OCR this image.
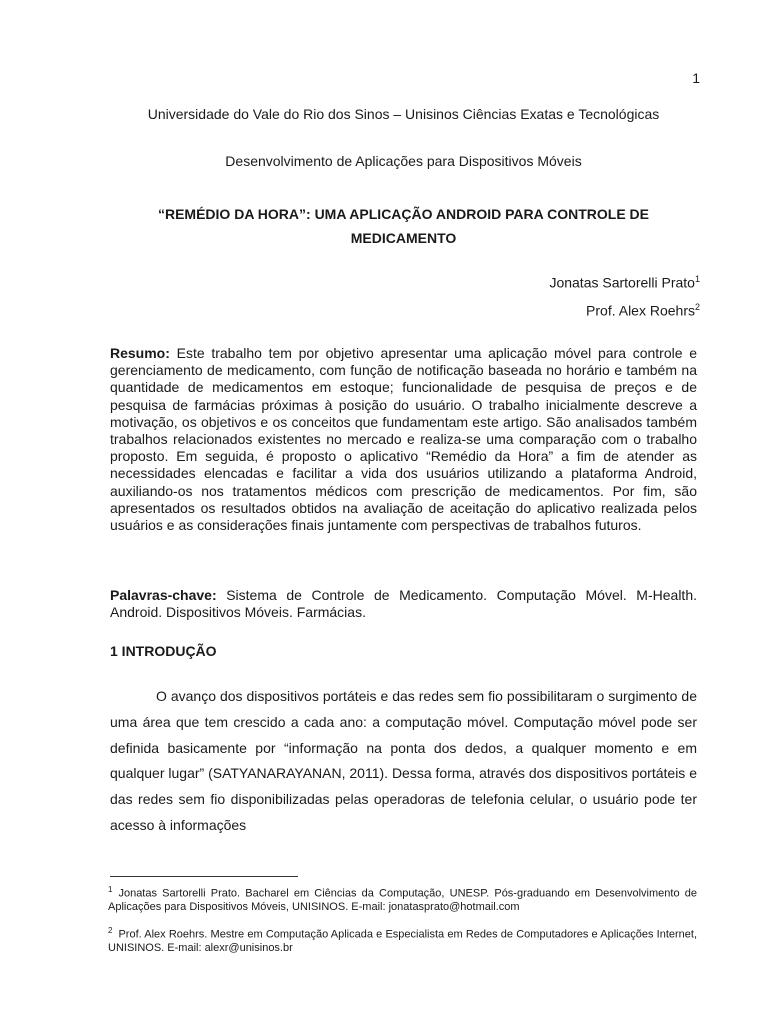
1
Universidade do Vale do Rio dos Sinos – Unisinos Ciências Exatas e Tecnológicas
Desenvolvimento de Aplicações para Dispositivos Móveis
“REMÉDIO DA HORA”: UMA APLICAÇÃO ANDROID PARA CONTROLE DE MEDICAMENTO
Jonatas Sartorelli Prato$^1$
Prof. Alex Roehrs$^2$
Resumo: Este trabalho tem por objetivo apresentar uma aplicação móvel para controle e gerenciamento de medicamento, com função de notificação baseada no horário e também na quantidade de medicamentos em estoque; funcionalidade de pesquisa de preços e de pesquisa de farmácias próximas à posição do usuário. O trabalho inicialmente descreve a motivação, os objetivos e os conceitos que fundamentam este artigo. São analisados também trabalhos relacionados existentes no mercado e realiza-se uma comparação com o trabalho proposto. Em seguida, é proposto o aplicativo “Remédio da Hora” a fim de atender as necessidades elencadas e facilitar a vida dos usuários utilizando a plataforma Android, auxiliando-os nos tratamentos médicos com prescrição de medicamentos. Por fim, são apresentados os resultados obtidos na avaliação de aceitação do aplicativo realizada pelos usuários e as considerações finais juntamente com perspectivas de trabalhos futuros.
Palavras-chave: Sistema de Controle de Medicamento. Computação Móvel. M-Health. Android. Dispositivos Móveis. Farmácias.
1 INTRODUÇÃO
O avanço dos dispositivos portáteis e das redes sem fio possibilitaram o surgimento de uma área que tem crescido a cada ano: a computação móvel. Computação móvel pode ser definida basicamente por “informação na ponta dos dedos, a qualquer momento e em qualquer lugar” (SATYANARAYANAN, 2011). Dessa forma, através dos dispositivos portáteis e das redes sem fio disponibilizadas pelas operadoras de telefonia celular, o usuário pode ter acesso à informações
$^1$ Jonatas Sartorelli Prato. Bacharel em Ciências da Computação, UNESP. Pós-graduando em Desenvolvimento de Aplicações para Dispositivos Móveis, UNISINOS. E-mail: jonatasprato@hotmail.com
$^2$ Prof. Alex Roehrs. Mestre em Computação Aplicada e Especialista em Redes de Computadores e Aplicações Internet, UNISINOS. E-mail: alexr@unisinos.br
